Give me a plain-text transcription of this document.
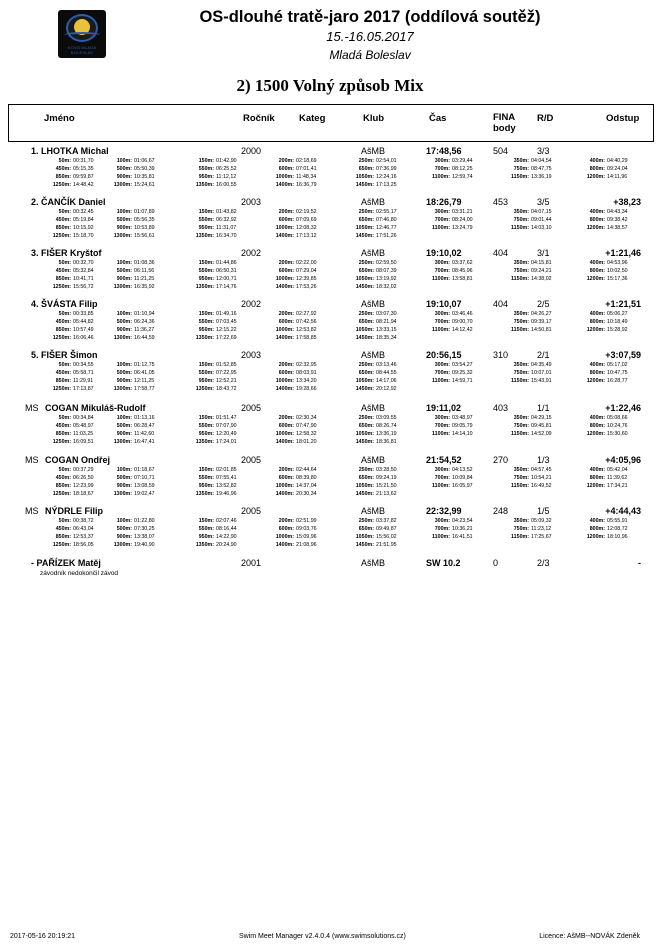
KOVO MLADÁ BOLESLAV
OS-dlouhé tratě-jaro 2017 (oddílová soutěž)
15.-16.05.2017
Mladá Boleslav
2) 1500 Volný způsob Mix
Jméno	Ročník	Kateg	Klub	Čas	FINA
body
R/D	Odstup
1. LHOTKA Michal	2000	AšMB	17:48,56	504	3/3
50m: 00:31,70	100m: 01:06,67	150m: 01:42,90	200m: 02:18,69	250m: 02:54,01	300m: 03:29,44	350m: 04:04,54	400m: 04:40,29
450m: 05:15,35	500m: 05:50,39	550m: 06:25,52	600m: 07:01,41	650m: 07:36,99	700m: 08:12,25	750m: 08:47,75	800m: 09:24,04
850m: 09:59,87	900m: 10:35,81	950m: 11:12,12	1000m: 11:48,34	1050m: 12:24,16	1100m: 12:59,74	1150m: 13:36,19	1200m: 14:11,96
1250m: 14:48,42	1300m: 15:24,61	1350m: 16:00,55	1400m: 16:36,79	1450m: 17:13,25
2. ČANČÍK Daniel	2003	AšMB	18:26,79	453	3/5	+38,23
50m: 00:32,45	100m: 01:07,89	150m: 01:43,82	200m: 02:19,52	250m: 02:55,17	300m: 03:31,21	350m: 04:07,15	400m: 04:43,34
450m: 05:19,84	500m: 05:56,35	550m: 06:32,92	600m: 07:09,69	650m: 07:46,80	700m: 08:24,00	750m: 09:01,44	800m: 09:38,42
850m: 10:15,92	900m: 10:53,89	950m: 11:31,07	1000m: 12:08,32	1050m: 12:46,77	1100m: 13:24,79	1150m: 14:03,10	1200m: 14:38,57
1250m: 15:18,70	1300m: 15:56,61	1350m: 16:34,70	1400m: 17:13,12	1450m: 17:51,26
3. FIŠER Kryštof	2002	AšMB	19:10,02	404	3/1	+1:21,46
50m: 00:32,70	100m: 01:08,36	150m: 01:44,86	200m: 02:22,00	250m: 02:59,50	300m: 03:37,62	350m: 04:15,81	400m: 04:53,96
450m: 05:32,84	500m: 06:11,56	550m: 06:50,31	600m: 07:29,04	650m: 08:07,39	700m: 08:45,96	750m: 09:24,21	800m: 10:02,50
850m: 10:41,71	900m: 11:21,25	950m: 12:00,71	1000m: 12:39,85	1050m: 13:19,92	1100m: 13:58,81	1150m: 14:38,02	1200m: 15:17,36
1250m: 15:56,72	1300m: 16:35,92	1350m: 17:14,76	1400m: 17:53,26	1450m: 18:32,02
4. ŠVÁSTA Filip	2002	AšMB	19:10,07	404	2/5	+1:21,51
50m: 00:33,85	100m: 01:10,94	150m: 01:49,16	200m: 02:27,92	250m: 03:07,30	300m: 03:46,46	350m: 04:26,27	400m: 05:06,27
450m: 05:44,82	500m: 06:24,36	550m: 07:03,45	600m: 07:42,56	650m: 08:21,94	700m: 09:00,70	750m: 09:39,17	800m: 10:18,49
850m: 10:57,49	900m: 11:36,27	950m: 12:15,22	1000m: 12:53,82	1050m: 13:33,15	1100m: 14:12,42	1150m: 14:50,81	1200m: 15:28,92
1250m: 16:06,46	1300m: 16:44,59	1350m: 17:22,69	1400m: 17:58,85	1450m: 18:35,34
5. FIŠER Šimon	2003	AšMB	20:56,15	310	2/1	+3:07,59
50m: 00:34,55	100m: 01:12,75	150m: 01:52,85	200m: 02:32,95	250m: 03:13,46	300m: 03:54,27	350m: 04:35,49	400m: 05:17,02
450m: 05:58,71	500m: 06:41,05	550m: 07:22,95	600m: 08:03,91	650m: 08:44,55	700m: 09:25,32	750m: 10:07,01	800m: 10:47,75
850m: 11:29,91	900m: 12:11,25	950m: 12:52,21	1000m: 13:34,20	1050m: 14:17,06	1100m: 14:59,71	1150m: 15:43,91	1200m: 16:28,77
1250m: 17:13,87	1300m: 17:58,77	1350m: 18:43,72	1400m: 19:28,66	1450m: 20:12,92
MS COGAN Mikuláš-Rudolf	2005	AšMB	19:11,02	403	1/1	+1:22,46
50m: 00:34,84	100m: 01:13,16	150m: 01:51,47	200m: 02:30,34	250m: 03:09,55	300m: 03:48,97	350m: 04:29,15	400m: 05:08,66
450m: 05:48,97	500m: 06:28,47	550m: 07:07,90	600m: 07:47,90	650m: 08:26,74	700m: 09:05,79	750m: 09:45,81	800m: 10:24,76
850m: 11:03,25	900m: 11:42,60	950m: 12:20,49	1000m: 12:58,32	1050m: 13:36,19	1100m: 14:14,10	1150m: 14:52,09	1200m: 15:30,60
1250m: 16:09,51	1300m: 16:47,41	1350m: 17:24,01	1400m: 18:01,20	1450m: 18:36,81
MS COGAN Ondřej	2005	AšMB	21:54,52	270	1/3	+4:05,96
50m: 00:37,29	100m: 01:18,67	150m: 02:01,85	200m: 02:44,64	250m: 03:28,50	300m: 04:13,52	350m: 04:57,45	400m: 05:42,04
450m: 06:26,50	500m: 07:10,71	550m: 07:55,41	600m: 08:39,80	650m: 09:24,19	700m: 10:09,84	750m: 10:54,21	800m: 11:39,62
850m: 12:23,99	900m: 13:08,59	950m: 13:52,82	1000m: 14:37,04	1050m: 15:21,50	1100m: 16:05,97	1150m: 16:49,52	1200m: 17:34,21
1250m: 18:18,67	1300m: 19:02,47	1350m: 19:46,96	1400m: 20:30,34	1450m: 21:13,62
MS NÝDRLE Filip	2005	AšMB	22:32,99	248	1/5	+4:44,43
50m: 00:38,72	100m: 01:22,80	150m: 02:07,46	200m: 02:51,99	250m: 03:37,82	300m: 04:23,54	350m: 05:09,32	400m: 05:55,91
450m: 06:43,04	500m: 07:30,25	550m: 08:16,44	600m: 09:03,76	650m: 09:49,87	700m: 10:36,21	750m: 11:23,12	800m: 12:08,72
850m: 12:53,37	900m: 13:38,07	950m: 14:22,90	1000m: 15:09,96	1050m: 15:56,02	1100m: 16:41,51	1150m: 17:25,67	1200m: 18:10,96
1250m: 18:56,05	1300m: 19:40,90	1350m: 20:24,90	1400m: 21:08,96	1450m: 21:51,95
- PAŘÍZEK Matěj	2001	AšMB	SW 10.2	0	2/3	-
závodník nedokončil závod
2017-05-16 20:19:21	Swim Meet Manager v2.4.0.4 (www.swimsolutions.cz)	Licence: AšMB--NOVÁK Zdeněk
